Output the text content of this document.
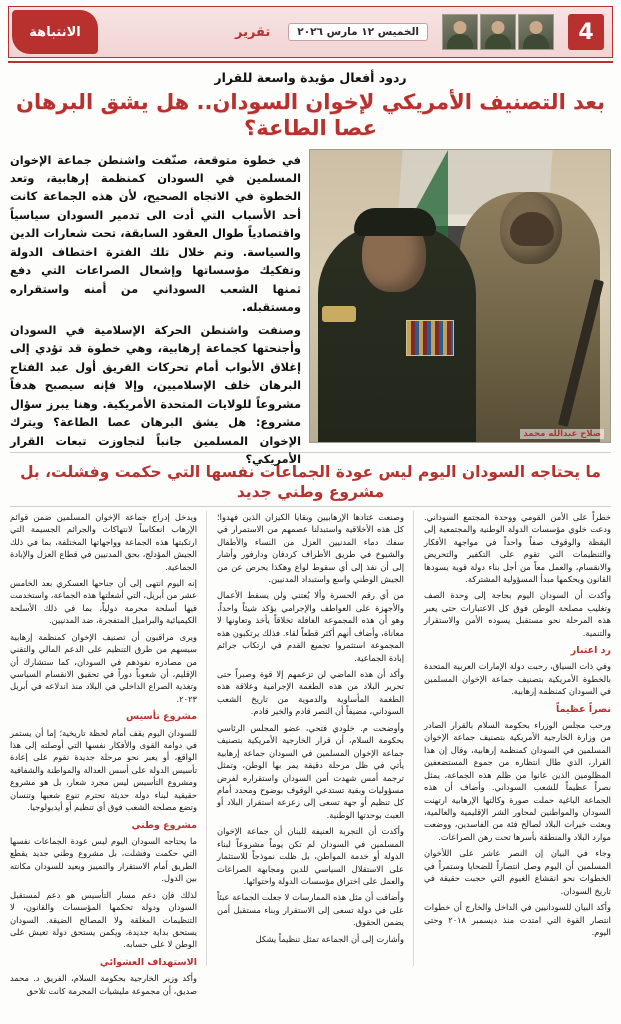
4
الخميس ١٢ مارس ٢٠٢٦
تقرير
الانتباهة
ردود أفعال مؤيدة واسعة للقرار
بعد التصنيف الأمريكي لإخوان السودان.. هل يشق البرهان عصا الطاعة؟
صلاح عبدالله محمد

في خطوة متوقعة، صنّفت واشنطن جماعة الإخوان المسلمين في السودان كمنظمة إرهابية، وتعد الخطوة في الاتجاه الصحيح، لأن هذه الجماعة كانت أحد الأسباب التي أدت الى تدمير السودان سياسياً واقتصادياً طوال العقود السابقة، تحت شعارات الدين والسياسة. وتم خلال تلك الفترة اختطاف الدولة وتفكيك مؤسساتها وإشعال الصراعات التي دفع ثمنها الشعب السوداني من أمنه واستقراره ومستقبله.

وصنفت واشنطن الحركة الإسلامية في السودان وأجنحتها كجماعة إرهابية، وهي خطوة قد تؤدي إلى إغلاق الأبواب أمام تحركات الفريق أول عبد الفتاح البرهان خلف الإسلاميين، وإلا فإنه سيصبح هدفاً مشروعاً للولايات المتحدة الأمريكية. وهنا يبرز سؤال مشروع: هل يشق البرهان عصا الطاعة؟ ويترك الإخوان المسلمين جانباً لتجاوزت تبعات القرار الأمريكي؟

ما يحتاجه السودان اليوم ليس عودة الجماعات نفسها التي حكمت وفشلت، بل مشروع وطني جديد

خطراً على الأمن القومي ووحدة المجتمع السوداني. ودعت خلوي مؤسسات الدولة الوطنية والمجتمعية إلى اليقظة والوقوف صفاً واحداً في مواجهة الأفكار والتنظيمات التي تقوم على التكفير والتحريض والانقسام، والعمل معاً من أجل بناء دولة قوية يسودها القانون ويحكمها مبدأ المسؤولية المشتركة.

وأكدت أن السودان اليوم بحاجة إلى وحدة الصف وتغليب مصلحة الوطن فوق كل الاعتبارات حتى يعبر هذه المرحلة نحو مستقبل يسوده الأمن والاستقرار والتنمية.

رد اعتبار

وفي ذات السياق، رحبت دولة الإمارات العربية المتحدة بالخطوة الأمريكية بتصنيف جماعة الإخوان المسلمين في السودان كمنظمة إرهابية.

نصراً عظيماً

ورحب مجلس الوزراء بحكومة السلام بالقرار الصادر من وزارة الخارجية الأمريكية بتصنيف جماعة الإخوان المسلمين في السودان كمنظمة إرهابية، وقال إن هذا القرار، الذي طال انتظاره من جموع المستضعفين المظلومين الذين عانوا من ظلم هذه الجماعة، يمثل نصراً عظيماً للشعب السوداني. وأضاف أن هذه الجماعة الباغية حملت صورة وكالتها الإرهابية ارتهنت السودان والمواطنين لمحاور الشر الإقليمية والعالمية، وبعثت خيرات البلاد لصالح فئة من الفاسدين، ووضعت موارد البلاد والمنطقة بأسرها تحت رهن الصراعات.

وجاء في البيان إن النصر عاشر على اللأخوان المسلمين أن اليوم وصل انتصاراً للضحايا وستمراً في الخطوات نحو انقشاع الغيوم التي حجبت حقيقة في تاريخ السودان.

وأكد البيان للسودانيين في الداخل والخارج أن خطوات انتصار القوة التي امتدت منذ ديسمبر ٢٠١٨ وحتى اليوم.

وصنعت عتادها الإرهابيين وبقايا الكيزان الذين فهدوا؛ كل هذه الأخلاقية واستبدلنا عصمهم من الاستمرار في سفك دماء المدنيين العزل من النساء والأطفال والشيوخ في طريق الأطراف كردفان ودارفور وأشار إلى أن نفذ إلى أي سقوط لواع وهكذا يحرص عن من الجيش الوطني واسع واستبداد المدنيين.

من أي رقم الحسرة وألا يُعتني ولن يسقط الأعمال والأجهزة على العواطف والإجرامي يؤكد شيئاً واحداً، وهو أن هذه المجموعة الغافلة تخلاقاً يأخذ وتعاونها لا معاناة، وأضاف أنهم أكثر قطعاً لقاء. فذلك يرتكبون هذه المجموعة استثمروا تجميع القدم في ارتكاب جرائم إبادة الجماعية.

وأكد أن هذه الماضي لن تزعمهم إلا قوة وصبراً حتى تحرير البلاد من هذه الطغمة الإجرامية وعلاقة هذه الطغمة المأساوية والدموية من تاريخ الشعب السوداني، مضيفاً أن النصر قادم والخير قادم.

وأوضحت م. خلودي فتحي، عضو المجلس الرئاسي بحكومة السلام، أن قرار الخارجية الأمريكية بتصنيف جماعة الإخوان المسلمين في السودان جماعة إرهابية يأتي في ظل مرحلة دقيقة يمر بها الوطن، وتمثل ترجمة أمس شهدت أمن السودان واستقراره لفرض مسؤوليات وبقية تستدعي الوقوف بوضوح ومحدد أمام كل تنظيم أو جهة تسعى إلى زعزعة استقرار البلاد أو العبث بوحدتها الوطنية.

وأكدت أن التجربة العنيفة للبنان أن جماعة الإخوان المسلمين في السودان لم تكن يوماً مشروعاً لبناء الدولة أو خدمة المواطن، بل ظلت نموذجاً للاستثمار على الاستقلال السياسي للدين ومجابهة الصراعات والعمل على اختراق مؤسسات الدولة واحتوائها.

وأضافت أن مثل هذه الممارسات لا جعلت الجماعة عبئاً على في دولة تسعى إلى الاستقرار وبناء مستقبل أمن يضمن الحقوق.

وأشارت إلى أن الجماعة تمثل تنظيماً يشكل

ويدخل إدراج جماعة الإخوان المسلمين ضمن قوائم الإرهاب انعكاساً لانتهاكات والجرائم الجسيمة التي ارتكبتها هذه الجماعة وواجهاتها المختلفة، بما في ذلك الجيش المؤدلج، بحق المدنيين في قطاع العزل والإبادة الجماعية.

إنه اليوم انتهى إلى أن جناحها العسكري بعد الخامس عشر من أبريل، التي أشعلتها هذه الجماعة، واستخدمت فيها أسلحة محرمة دولياً، بما في ذلك الأسلحة الكيميائية والبراميل المتفجرة، ضد المدنيين.

ويرى مراقبون أن تصنيف الإخوان كمنظمة إرهابية سيسهم من طرق التنظيم على الدعم المالي والتقني من مصادره نفوذهم في السودان، كما ستشارك أن الإقليم، أن شعوباً دوراً في تحقيق الانقسام السياسي وتغذية الصراع الداخلي في البلاد منذ اندلاعه في أبريل ٢٠٢٣.

مشروع تأسيس

للسودان اليوم يقف أمام لحظة تاريخية؛ إما أن يستمر في دوامة القوى والأفكار نفسها التي أوصلته إلى هذا الواقع، أو يعبر نحو مرحلة جديدة تقوم على إعادة تأسيس الدولة على أسس العدالة والمواطنة والشفافية ومشروع التأسيس ليس مجرد شعار، بل هو مشروع حقيقية لبناء دولة حديثة تحترم تنوع شعبها وتنسان وتضع مصلحة الشعب فوق أي تنظيم أو أيديولوجيا.

مشروع وطني

ما يحتاجه السودان اليوم ليس عودة الجماعات نفسها التي حكمت وفشلت، بل مشروع وطني جديد يقطع الطريق أمام الاستقرار والتمييز ويعيد للسودان مكانته بين الدول.

لذلك فإن دعم مسار التأسيس هو دعم لمستقبل السودان ودولة تحكمها المؤسسات والقانون، لا التنظيمات المغلقة ولا المصالح الضيقة. السودان يستحق بداية جديدة، ويكمن يستحق دولة تعيش على الوطن لا على حسابه.

الاستهداف العشوائي

وأكد وزير الخارجية بحكومة السلام، الفريق د. محمد صديق، أن مجموعة مليشيات المجرمة كانت تلاحق
